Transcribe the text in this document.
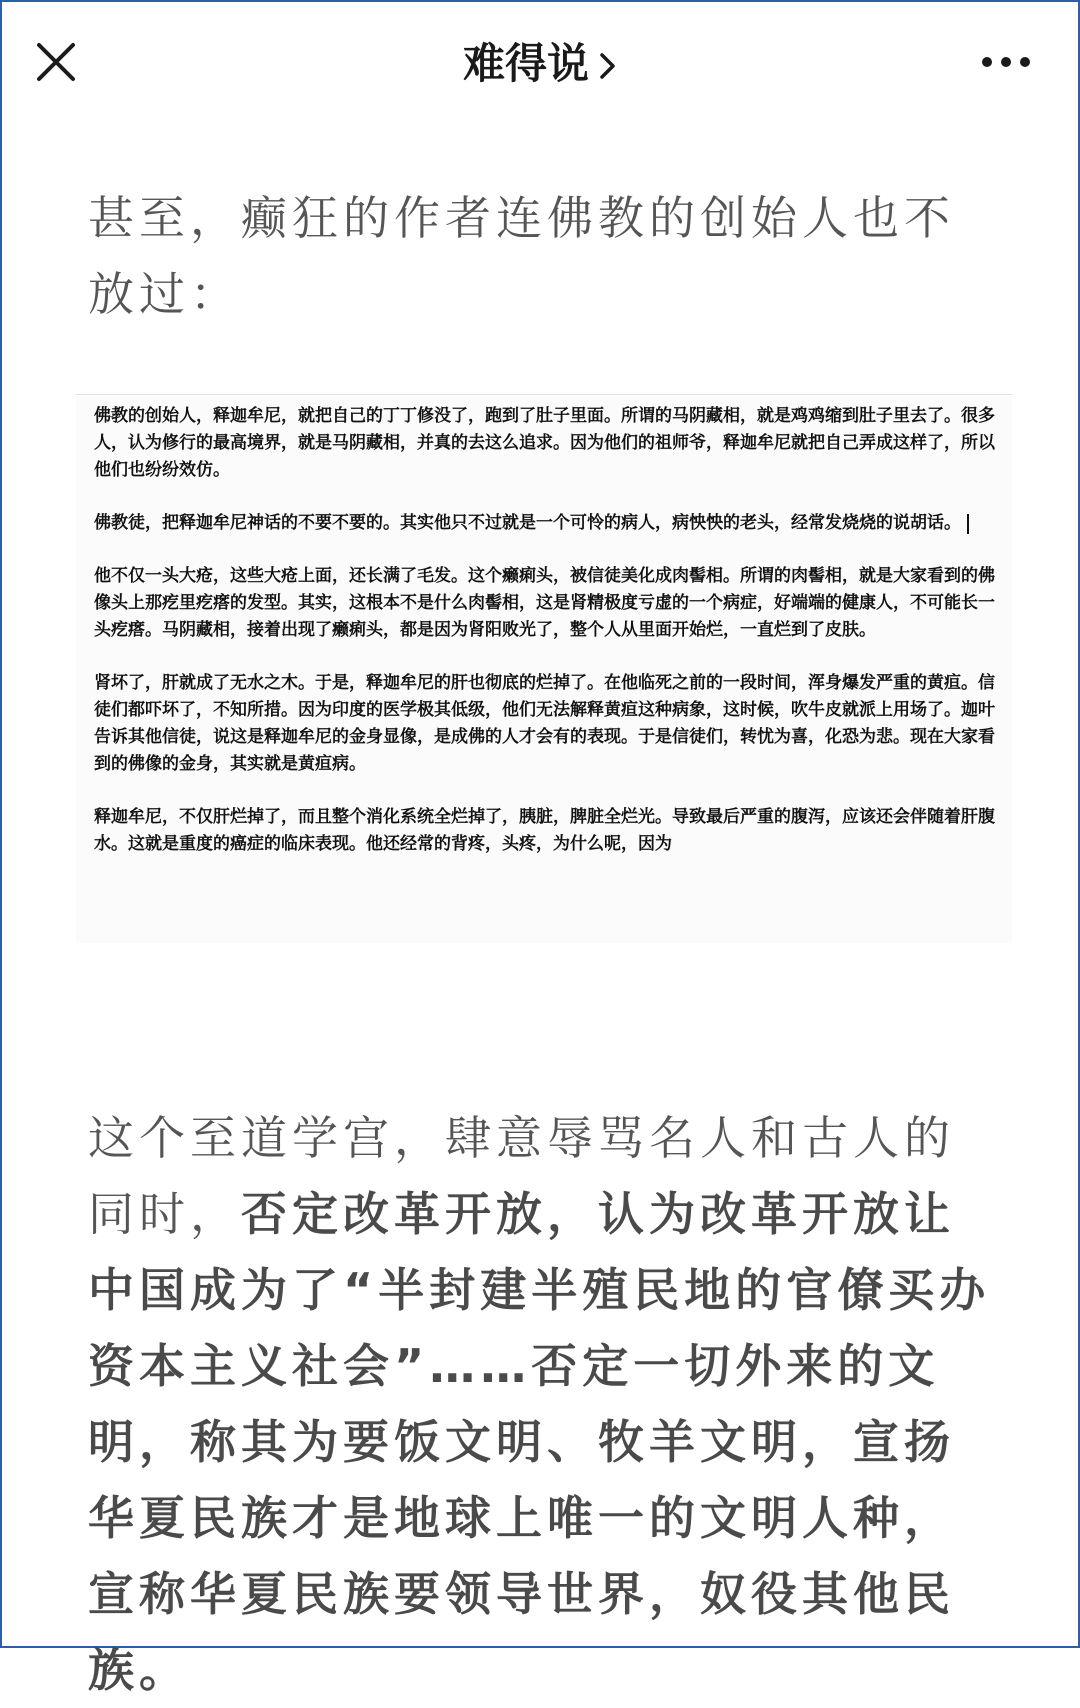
难得说

甚至，癫狂的作者连佛教的创始人也不放过：

佛教的创始人，释迦牟尼，就把自己的丁丁修没了，跑到了肚子里面。所谓的马阴藏相，就是鸡鸡缩到肚子里去了。很多人，认为修行的最高境界，就是马阴藏相，并真的去这么追求。因为他们的祖师爷，释迦牟尼就把自己弄成这样了，所以他们也纷纷效仿。

佛教徒，把释迦牟尼神话的不要不要的。其实他只不过就是一个可怜的病人，病怏怏的老头，经常发烧烧的说胡话。

他不仅一头大疮，这些大疮上面，还长满了毛发。这个癞痢头，被信徒美化成肉髻相。所谓的肉髻相，就是大家看到的佛像头上那疙里疙瘩的发型。其实，这根本不是什么肉髻相，这是肾精极度亏虚的一个病症，好端端的健康人，不可能长一头疙瘩。马阴藏相，接着出现了癞痢头，都是因为肾阳败光了，整个人从里面开始烂，一直烂到了皮肤。

肾坏了，肝就成了无水之木。于是，释迦牟尼的肝也彻底的烂掉了。在他临死之前的一段时间，浑身爆发严重的黄疸。信徒们都吓坏了，不知所措。因为印度的医学极其低级，他们无法解释黄疸这种病象，这时候，吹牛皮就派上用场了。迦叶告诉其他信徒，说这是释迦牟尼的金身显像，是成佛的人才会有的表现。于是信徒们，转忧为喜，化恐为悲。现在大家看到的佛像的金身，其实就是黄疸病。

释迦牟尼，不仅肝烂掉了，而且整个消化系统全烂掉了，胰脏，脾脏全烂光。导致最后严重的腹泻，应该还会伴随着肝腹水。这就是重度的癌症的临床表现。他还经常的背疼，头疼，为什么呢，因为

这个至道学宫，肆意辱骂名人和古人的同时，否定改革开放，认为改革开放让中国成为了“半封建半殖民地的官僚买办资本主义社会”……否定一切外来的文明，称其为要饭文明、牧羊文明，宣扬华夏民族才是地球上唯一的文明人种，宣称华夏民族要领导世界，奴役其他民族。
